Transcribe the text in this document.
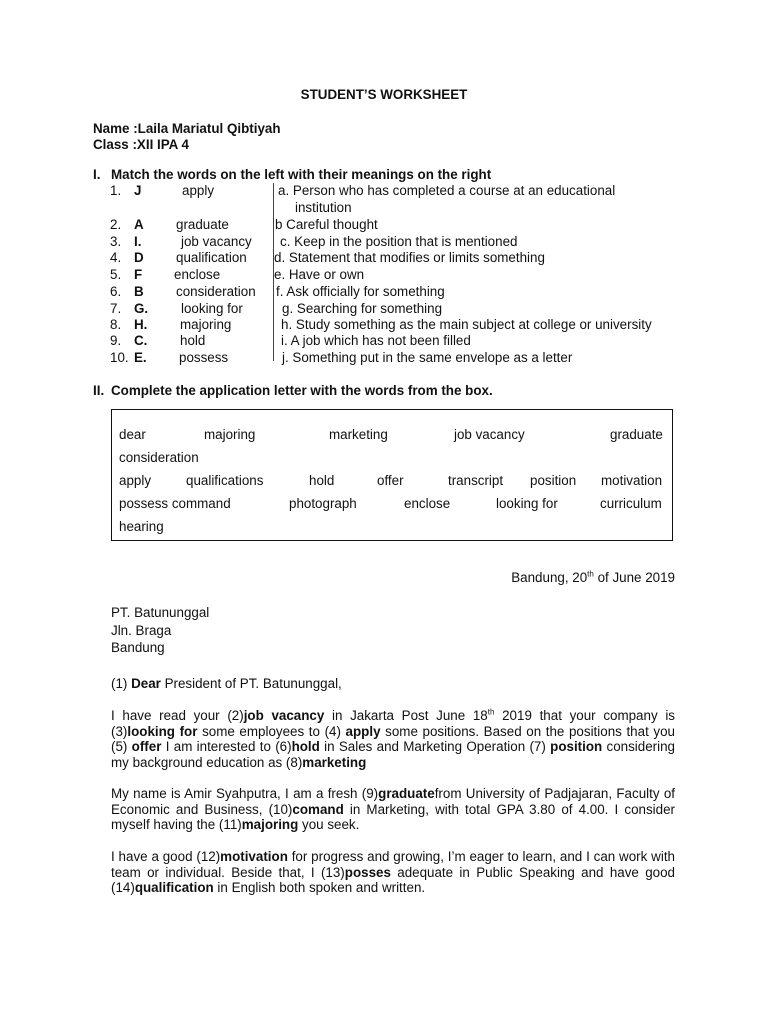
STUDENT’S WORKSHEET
Name :Laila Mariatul Qibtiyah
Class :XII IPA 4
I. Match the words on the left with their meanings on the right
1. J	apply	a. Person who has completed a course at an educational
institution
2. A graduate	b Careful thought
3. I.	job vacancy c. Keep in the position that is mentioned
4. D qualification d. Statement that modifies or limits something
5. F enclose	e. Have or own
6. B consideration f. Ask officially for something
7. G. looking for	g. Searching for something
8. H. majoring	h. Study something as the main subject at college or university
9. C. hold	i. A job which has not been filled
10. E. possess	j. Something put in the same envelope as a letter
II. Complete the application letter with the words from the box.
dear	majoring	marketing	job vacancy	graduate
consideration
apply	qualifications	hold	offer	transcript position motivation
possess command	photograph	enclose	looking for	curriculum
hearing
Bandung, 20th of June 2019
PT. Batununggal
Jln. Braga
Bandung
(1) Dear President of PT. Batununggal,
I have read your (2)job vacancy in Jakarta Post June 18th 2019 that your company is (3)looking for some employees to (4) apply some positions. Based on the positions that you (5) offer I am interested to (6)hold in Sales and Marketing Operation (7) position considering my background education as (8)marketing
My name is Amir Syahputra, I am a fresh (9)graduatefrom University of Padjajaran, Faculty of Economic and Business, (10)comand in Marketing, with total GPA 3.80 of 4.00. I consider myself having the (11)majoring you seek.
I have a good (12)motivation for progress and growing, I’m eager to learn, and I can work with team or individual. Beside that, I (13)posses adequate in Public Speaking and have good (14)qualification in English both spoken and written.
